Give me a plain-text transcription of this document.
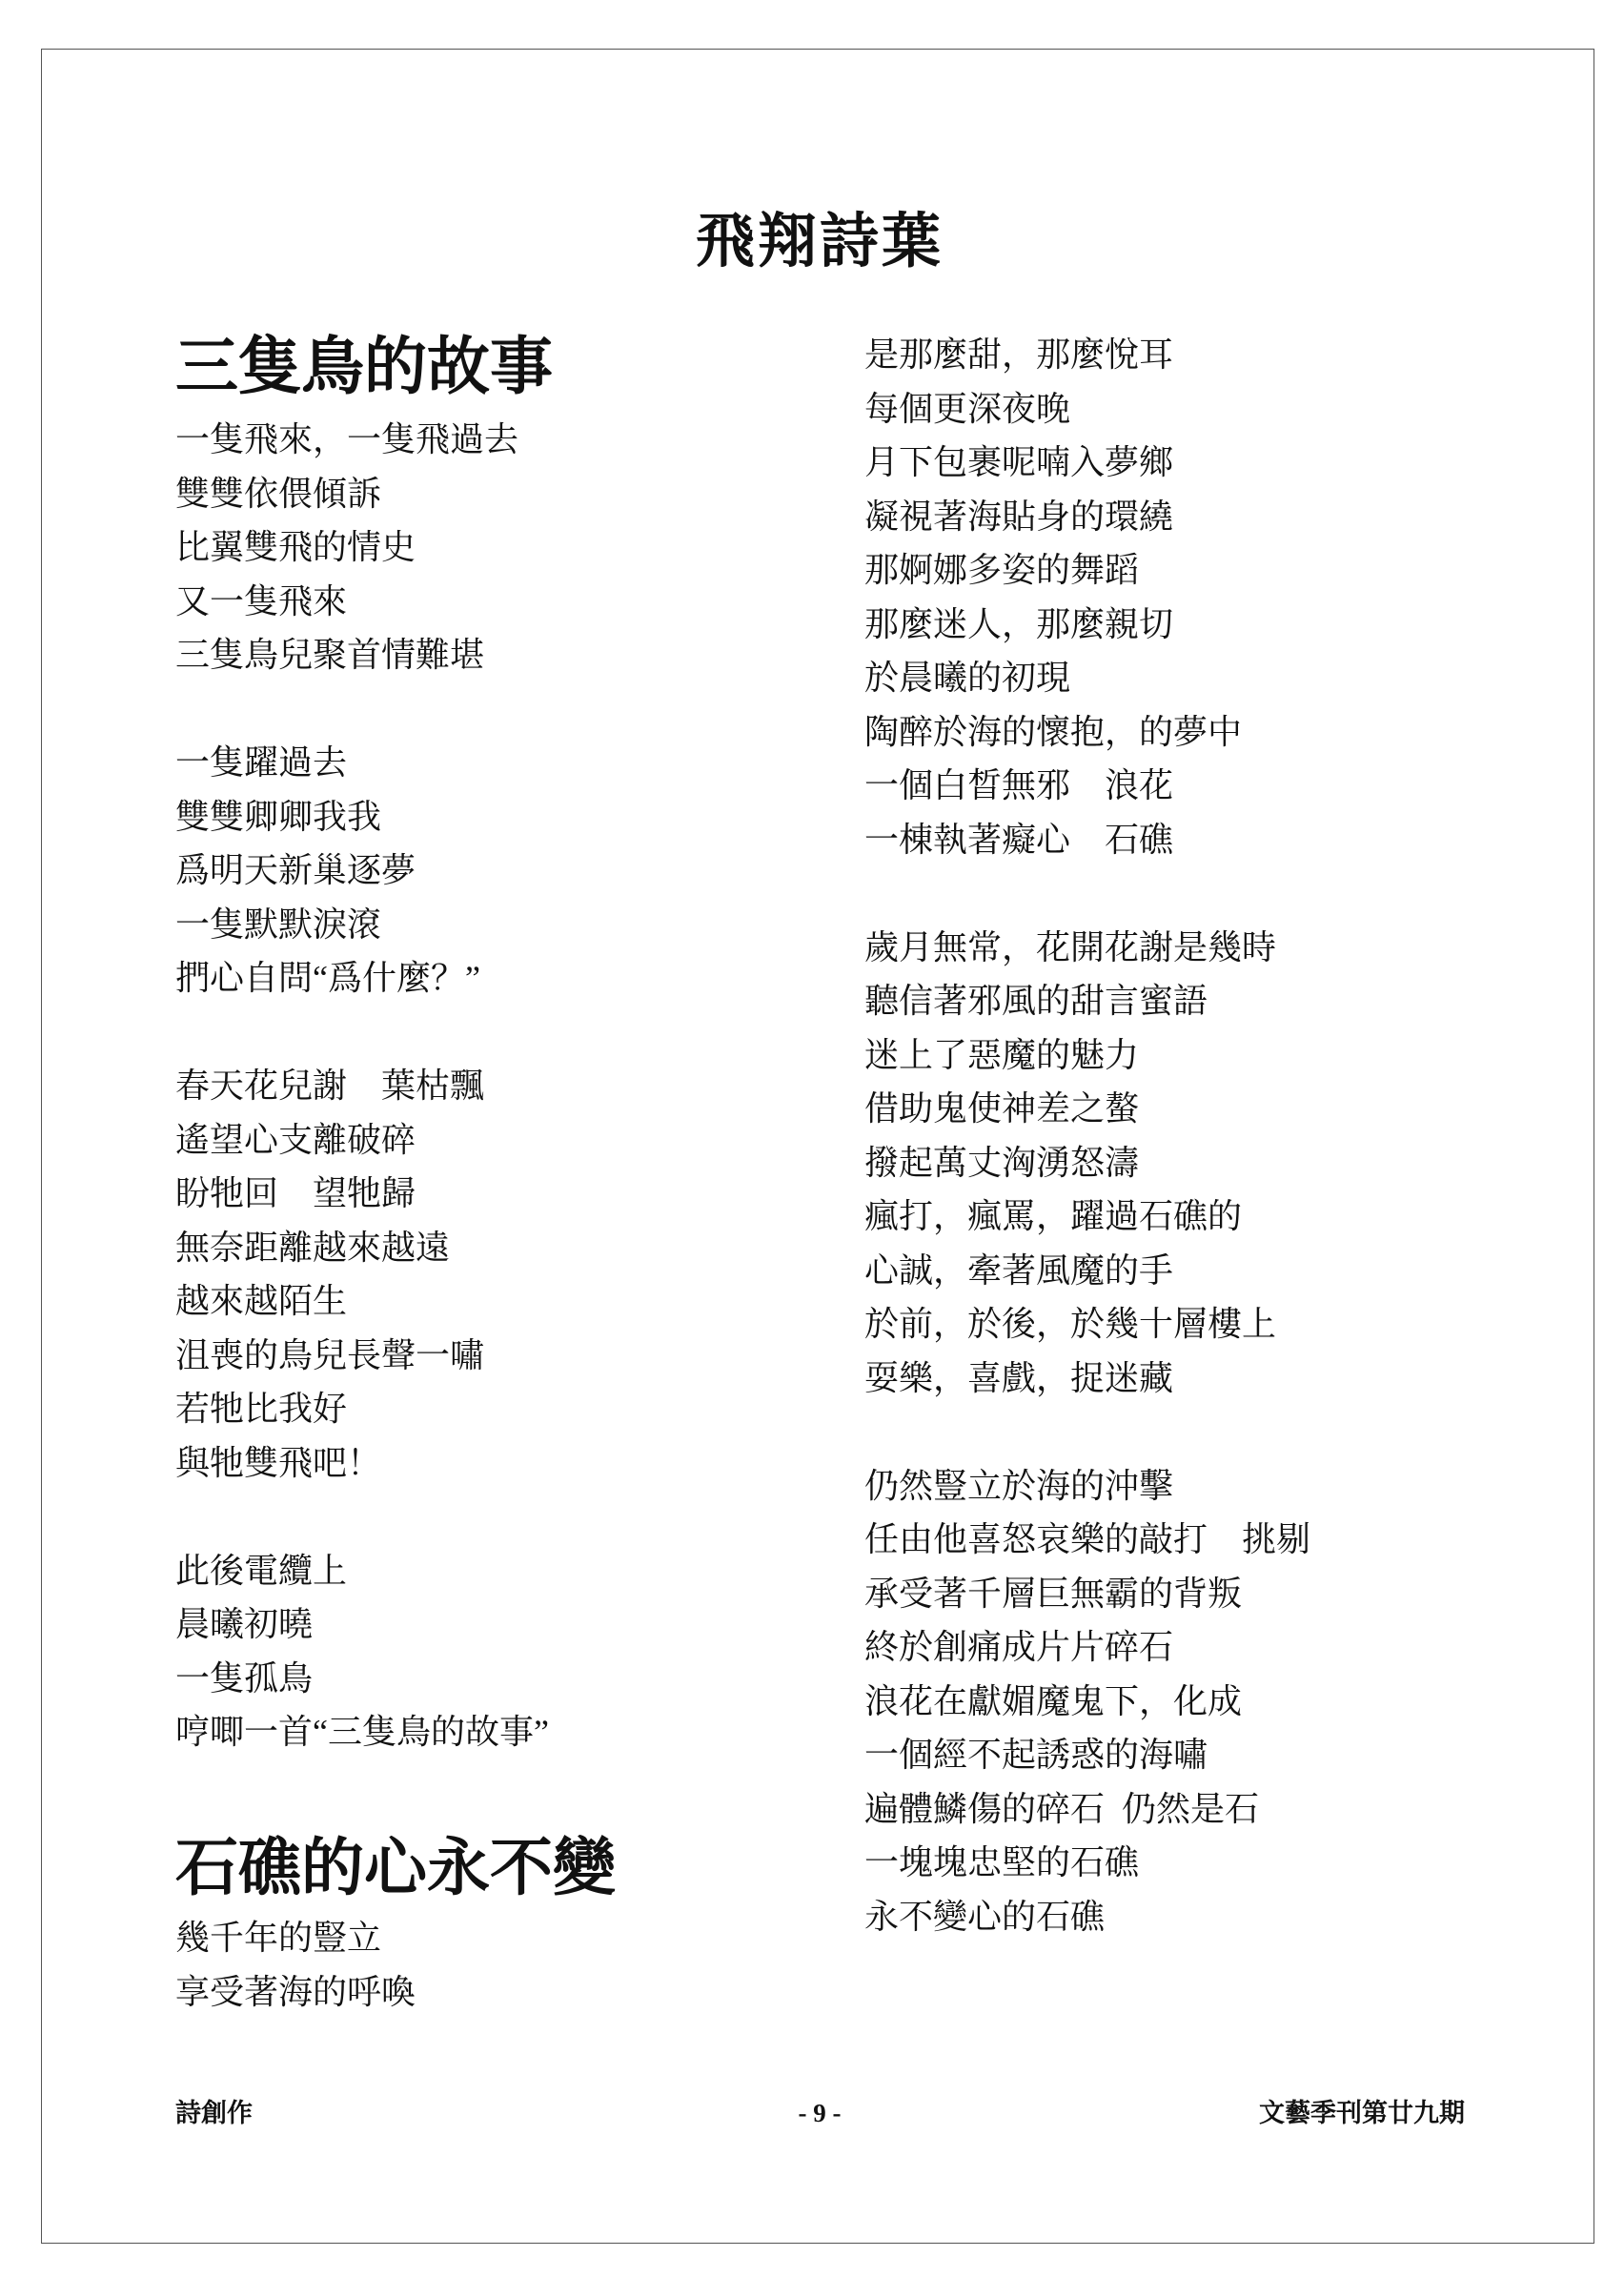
飛翔詩葉
三隻鳥的故事
一隻飛來，一隻飛過去
雙雙依偎傾訴
比翼雙飛的情史
又一隻飛來
三隻鳥兒聚首情難堪
一隻躍過去
雙雙卿卿我我
爲明天新巢逐夢
一隻默默淚滾
捫心自問“爲什麼？”
春天花兒謝　葉枯飄
遙望心支離破碎
盼牠回　望牠歸
無奈距離越來越遠
越來越陌生
沮喪的鳥兒長聲一嘯
若牠比我好
與牠雙飛吧！
此後電纜上
晨曦初曉
一隻孤鳥
哼唧一首“三隻鳥的故事”
石礁的心永不變
幾千年的豎立
享受著海的呼喚
是那麼甜，那麼悅耳
每個更深夜晚
月下包裹呢喃入夢鄉
凝視著海貼身的環繞
那婀娜多姿的舞蹈
那麼迷人，那麼親切
於晨曦的初現
陶醉於海的懷抱，的夢中
一個白晳無邪　浪花
一棟執著癡心　石礁
歲月無常，花開花謝是幾時
聽信著邪風的甜言蜜語
迷上了惡魔的魅力
借助鬼使神差之螯
撥起萬丈洶湧怒濤
瘋打，瘋罵，躍過石礁的
心誠，牽著風魔的手
於前，於後，於幾十層樓上
耍樂，喜戲，捉迷藏
仍然豎立於海的沖擊
任由他喜怒哀樂的敲打　挑剔
承受著千層巨無霸的背叛
終於創痛成片片碎石
浪花在獻媚魔鬼下，化成
一個經不起誘惑的海嘯
遍體鱗傷的碎石  仍然是石
一塊塊忠堅的石礁
永不變心的石礁
詩創作	- 9 -	文藝季刊第廿九期
